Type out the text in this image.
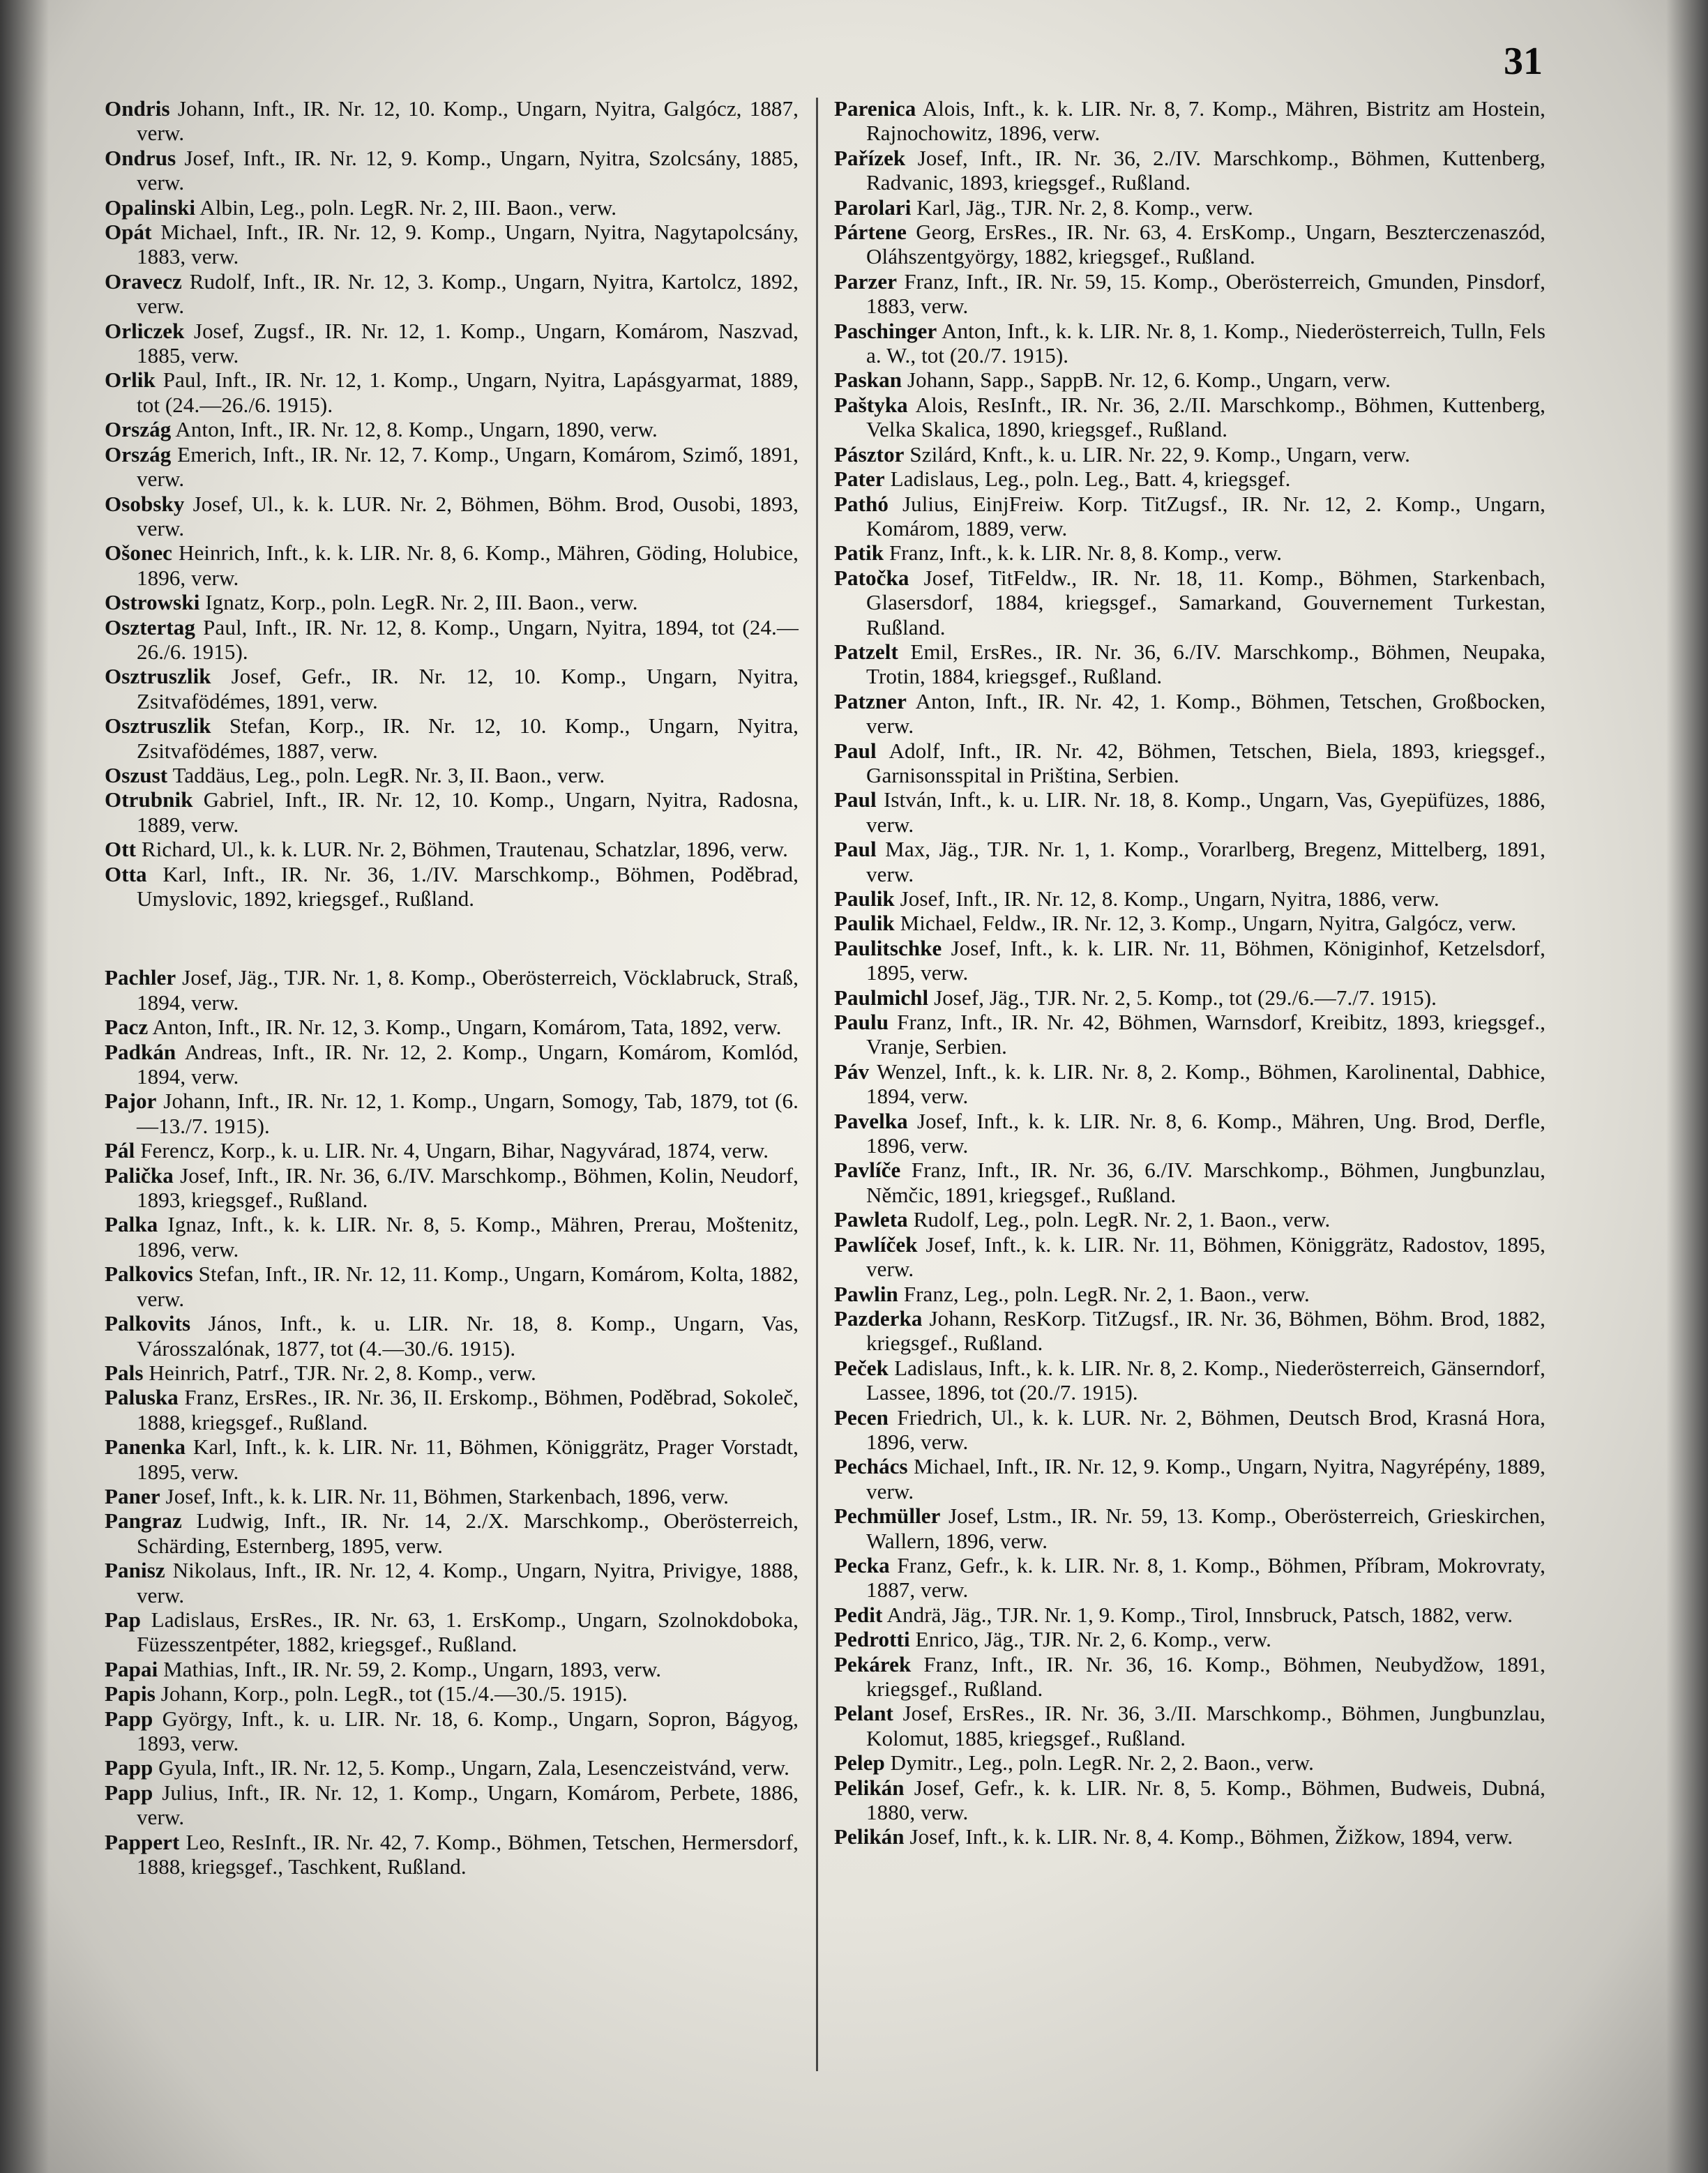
31

Ondris Johann, Inft., IR. Nr. 12, 10. Komp., Ungarn, Nyitra, Galgócz, 1887, verw.

Ondrus Josef, Inft., IR. Nr. 12, 9. Komp., Ungarn, Nyitra, Szolcsány, 1885, verw.

Opalinski Albin, Leg., poln. LegR. Nr. 2, III. Baon., verw.

Opát Michael, Inft., IR. Nr. 12, 9. Komp., Ungarn, Nyitra, Nagytapolcsány, 1883, verw.

Oravecz Rudolf, Inft., IR. Nr. 12, 3. Komp., Ungarn, Nyitra, Kartolcz, 1892, verw.

Orliczek Josef, Zugsf., IR. Nr. 12, 1. Komp., Ungarn, Komárom, Naszvad, 1885, verw.

Orlik Paul, Inft., IR. Nr. 12, 1. Komp., Ungarn, Nyitra, Lapásgyarmat, 1889, tot (24.—26./6. 1915).

Ország Anton, Inft., IR. Nr. 12, 8. Komp., Ungarn, 1890, verw.

Ország Emerich, Inft., IR. Nr. 12, 7. Komp., Ungarn, Komárom, Szimő, 1891, verw.

Osobsky Josef, Ul., k. k. LUR. Nr. 2, Böhmen, Böhm. Brod, Ousobi, 1893, verw.

Ošonec Heinrich, Inft., k. k. LIR. Nr. 8, 6. Komp., Mähren, Göding, Holubice, 1896, verw.

Ostrowski Ignatz, Korp., poln. LegR. Nr. 2, III. Baon., verw.

Osztertag Paul, Inft., IR. Nr. 12, 8. Komp., Ungarn, Nyitra, 1894, tot (24.—26./6. 1915).

Osztruszlik Josef, Gefr., IR. Nr. 12, 10. Komp., Ungarn, Nyitra, Zsitvafödémes, 1891, verw.

Osztruszlik Stefan, Korp., IR. Nr. 12, 10. Komp., Ungarn, Nyitra, Zsitvafödémes, 1887, verw.

Oszust Taddäus, Leg., poln. LegR. Nr. 3, II. Baon., verw.

Otrubnik Gabriel, Inft., IR. Nr. 12, 10. Komp., Ungarn, Nyitra, Radosna, 1889, verw.

Ott Richard, Ul., k. k. LUR. Nr. 2, Böhmen, Trautenau, Schatzlar, 1896, verw.

Otta Karl, Inft., IR. Nr. 36, 1./IV. Marschkomp., Böhmen, Poděbrad, Umyslovic, 1892, kriegsgef., Rußland.

Pachler Josef, Jäg., TJR. Nr. 1, 8. Komp., Oberösterreich, Vöcklabruck, Straß, 1894, verw.

Pacz Anton, Inft., IR. Nr. 12, 3. Komp., Ungarn, Komárom, Tata, 1892, verw.

Padkán Andreas, Inft., IR. Nr. 12, 2. Komp., Ungarn, Komárom, Komlód, 1894, verw.

Pajor Johann, Inft., IR. Nr. 12, 1. Komp., Ungarn, Somogy, Tab, 1879, tot (6.—13./7. 1915).

Pál Ferencz, Korp., k. u. LIR. Nr. 4, Ungarn, Bihar, Nagyvárad, 1874, verw.

Palička Josef, Inft., IR. Nr. 36, 6./IV. Marschkomp., Böhmen, Kolin, Neudorf, 1893, kriegsgef., Rußland.

Palka Ignaz, Inft., k. k. LIR. Nr. 8, 5. Komp., Mähren, Prerau, Moštenitz, 1896, verw.

Palkovics Stefan, Inft., IR. Nr. 12, 11. Komp., Ungarn, Komárom, Kolta, 1882, verw.

Palkovits János, Inft., k. u. LIR. Nr. 18, 8. Komp., Ungarn, Vas, Városszalónak, 1877, tot (4.—30./6. 1915).

Pals Heinrich, Patrf., TJR. Nr. 2, 8. Komp., verw.

Paluska Franz, ErsRes., IR. Nr. 36, II. Erskomp., Böhmen, Poděbrad, Sokoleč, 1888, kriegsgef., Rußland.

Panenka Karl, Inft., k. k. LIR. Nr. 11, Böhmen, Königgrätz, Prager Vorstadt, 1895, verw.

Paner Josef, Inft., k. k. LIR. Nr. 11, Böhmen, Starkenbach, 1896, verw.

Pangraz Ludwig, Inft., IR. Nr. 14, 2./X. Marschkomp., Oberösterreich, Schärding, Esternberg, 1895, verw.

Panisz Nikolaus, Inft., IR. Nr. 12, 4. Komp., Ungarn, Nyitra, Privigye, 1888, verw.

Pap Ladislaus, ErsRes., IR. Nr. 63, 1. ErsKomp., Ungarn, Szolnokdoboka, Füzesszentpéter, 1882, kriegsgef., Rußland.

Papai Mathias, Inft., IR. Nr. 59, 2. Komp., Ungarn, 1893, verw.

Papis Johann, Korp., poln. LegR., tot (15./4.—30./5. 1915).

Papp György, Inft., k. u. LIR. Nr. 18, 6. Komp., Ungarn, Sopron, Bágyog, 1893, verw.

Papp Gyula, Inft., IR. Nr. 12, 5. Komp., Ungarn, Zala, Lesenczeistvánd, verw.

Papp Julius, Inft., IR. Nr. 12, 1. Komp., Ungarn, Komárom, Perbete, 1886, verw.

Pappert Leo, ResInft., IR. Nr. 42, 7. Komp., Böhmen, Tetschen, Hermersdorf, 1888, kriegsgef., Taschkent, Rußland.

Parenica Alois, Inft., k. k. LIR. Nr. 8, 7. Komp., Mähren, Bistritz am Hostein, Rajnochowitz, 1896, verw.

Pařízek Josef, Inft., IR. Nr. 36, 2./IV. Marschkomp., Böhmen, Kuttenberg, Radvanic, 1893, kriegsgef., Rußland.

Parolari Karl, Jäg., TJR. Nr. 2, 8. Komp., verw.

Pártene Georg, ErsRes., IR. Nr. 63, 4. ErsKomp., Ungarn, Beszterczenaszód, Oláhszentgyörgy, 1882, kriegsgef., Rußland.

Parzer Franz, Inft., IR. Nr. 59, 15. Komp., Oberösterreich, Gmunden, Pinsdorf, 1883, verw.

Paschinger Anton, Inft., k. k. LIR. Nr. 8, 1. Komp., Niederösterreich, Tulln, Fels a. W., tot (20./7. 1915).

Paskan Johann, Sapp., SappB. Nr. 12, 6. Komp., Ungarn, verw.

Paštyka Alois, ResInft., IR. Nr. 36, 2./II. Marschkomp., Böhmen, Kuttenberg, Velka Skalica, 1890, kriegsgef., Rußland.

Pásztor Szilárd, Knft., k. u. LIR. Nr. 22, 9. Komp., Ungarn, verw.

Pater Ladislaus, Leg., poln. Leg., Batt. 4, kriegsgef.

Pathó Julius, EinjFreiw. Korp. TitZugsf., IR. Nr. 12, 2. Komp., Ungarn, Komárom, 1889, verw.

Patik Franz, Inft., k. k. LIR. Nr. 8, 8. Komp., verw.

Patočka Josef, TitFeldw., IR. Nr. 18, 11. Komp., Böhmen, Starkenbach, Glasersdorf, 1884, kriegsgef., Samarkand, Gouvernement Turkestan, Rußland.

Patzelt Emil, ErsRes., IR. Nr. 36, 6./IV. Marschkomp., Böhmen, Neupaka, Trotin, 1884, kriegsgef., Rußland.

Patzner Anton, Inft., IR. Nr. 42, 1. Komp., Böhmen, Tetschen, Großbocken, verw.

Paul Adolf, Inft., IR. Nr. 42, Böhmen, Tetschen, Biela, 1893, kriegsgef., Garnisonsspital in Priština, Serbien.

Paul István, Inft., k. u. LIR. Nr. 18, 8. Komp., Ungarn, Vas, Gyepüfüzes, 1886, verw.

Paul Max, Jäg., TJR. Nr. 1, 1. Komp., Vorarlberg, Bregenz, Mittelberg, 1891, verw.

Paulik Josef, Inft., IR. Nr. 12, 8. Komp., Ungarn, Nyitra, 1886, verw.

Paulik Michael, Feldw., IR. Nr. 12, 3. Komp., Ungarn, Nyitra, Galgócz, verw.

Paulitschke Josef, Inft., k. k. LIR. Nr. 11, Böhmen, Königinhof, Ketzelsdorf, 1895, verw.

Paulmichl Josef, Jäg., TJR. Nr. 2, 5. Komp., tot (29./6.—7./7. 1915).

Paulu Franz, Inft., IR. Nr. 42, Böhmen, Warnsdorf, Kreibitz, 1893, kriegsgef., Vranje, Serbien.

Páv Wenzel, Inft., k. k. LIR. Nr. 8, 2. Komp., Böhmen, Karolinental, Dabhice, 1894, verw.

Pavelka Josef, Inft., k. k. LIR. Nr. 8, 6. Komp., Mähren, Ung. Brod, Derfle, 1896, verw.

Pavlíče Franz, Inft., IR. Nr. 36, 6./IV. Marschkomp., Böhmen, Jungbunzlau, Němčic, 1891, kriegsgef., Rußland.

Pawleta Rudolf, Leg., poln. LegR. Nr. 2, 1. Baon., verw.

Pawlíček Josef, Inft., k. k. LIR. Nr. 11, Böhmen, Königgrätz, Radostov, 1895, verw.

Pawlin Franz, Leg., poln. LegR. Nr. 2, 1. Baon., verw.

Pazderka Johann, ResKorp. TitZugsf., IR. Nr. 36, Böhmen, Böhm. Brod, 1882, kriegsgef., Rußland.

Peček Ladislaus, Inft., k. k. LIR. Nr. 8, 2. Komp., Niederösterreich, Gänserndorf, Lassee, 1896, tot (20./7. 1915).

Pecen Friedrich, Ul., k. k. LUR. Nr. 2, Böhmen, Deutsch Brod, Krasná Hora, 1896, verw.

Pechács Michael, Inft., IR. Nr. 12, 9. Komp., Ungarn, Nyitra, Nagyrépény, 1889, verw.

Pechmüller Josef, Lstm., IR. Nr. 59, 13. Komp., Oberösterreich, Grieskirchen, Wallern, 1896, verw.

Pecka Franz, Gefr., k. k. LIR. Nr. 8, 1. Komp., Böhmen, Příbram, Mokrovraty, 1887, verw.

Pedit Andrä, Jäg., TJR. Nr. 1, 9. Komp., Tirol, Innsbruck, Patsch, 1882, verw.

Pedrotti Enrico, Jäg., TJR. Nr. 2, 6. Komp., verw.

Pekárek Franz, Inft., IR. Nr. 36, 16. Komp., Böhmen, Neubydžow, 1891, kriegsgef., Rußland.

Pelant Josef, ErsRes., IR. Nr. 36, 3./II. Marschkomp., Böhmen, Jungbunzlau, Kolomut, 1885, kriegsgef., Rußland.

Pelep Dymitr., Leg., poln. LegR. Nr. 2, 2. Baon., verw.

Pelikán Josef, Gefr., k. k. LIR. Nr. 8, 5. Komp., Böhmen, Budweis, Dubná, 1880, verw.

Pelikán Josef, Inft., k. k. LIR. Nr. 8, 4. Komp., Böhmen, Žižkow, 1894, verw.
